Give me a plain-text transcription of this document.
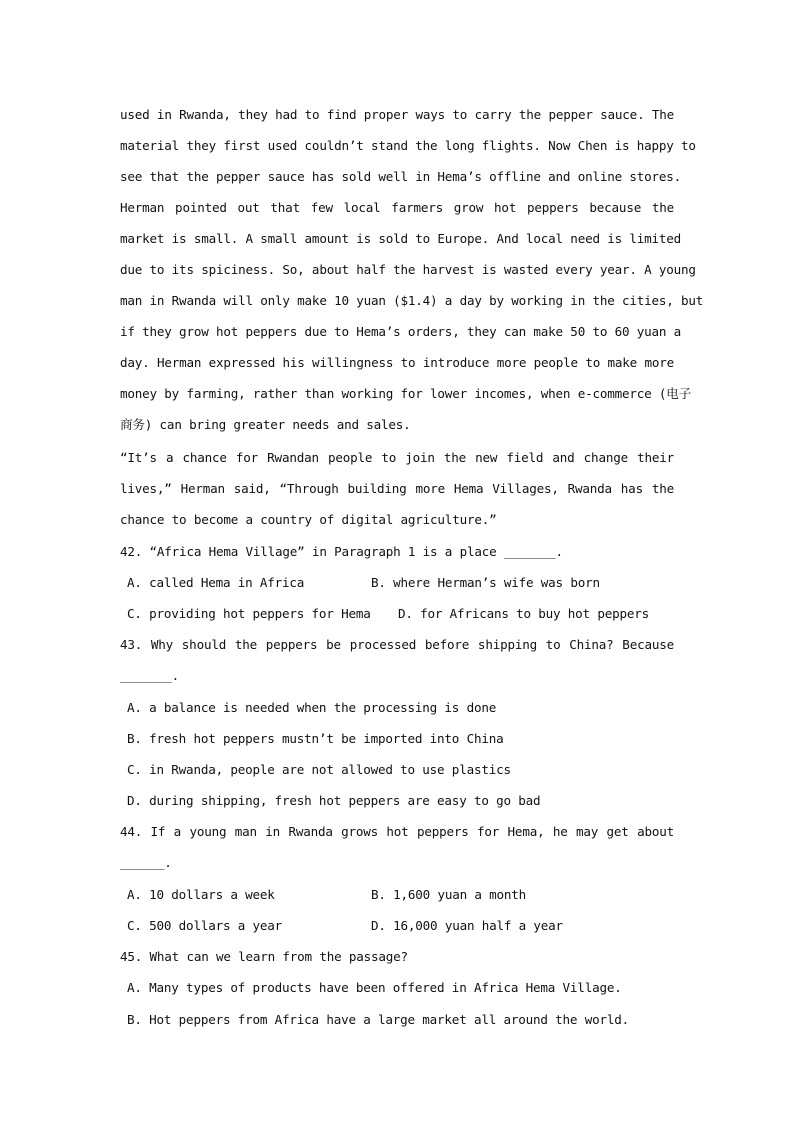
used in Rwanda, they had to find proper ways to carry the pepper sauce. The
material they first used couldn’t stand the long flights. Now Chen is happy to
see that the pepper sauce has sold well in Hema’s offline and online stores.
Herman pointed out that few local farmers grow hot peppers because the
market is small. A small amount is sold to Europe. And local need is limited
due to its spiciness. So, about half the harvest is wasted every year. A young
man in Rwanda will only make 10 yuan ($1.4) a day by working in the cities, but
if they grow hot peppers due to Hema’s orders, they can make 50 to 60 yuan a
day. Herman expressed his willingness to introduce more people to make more
money by farming, rather than working for lower incomes, when e-commerce (电子
商务) can bring greater needs and sales.
“It’s a chance for Rwandan people to join the new field and change their
lives,” Herman said, “Through building more Hema Villages, Rwanda has the
chance to become a country of digital agriculture.”
42. “Africa Hema Village” in Paragraph 1 is a place _______.
A. called Hema in Africa	B. where Herman’s wife was born
C. providing hot peppers for Hema D. for Africans to buy hot peppers
43. Why should the peppers be processed before shipping to China? Because
_______.
A. a balance is needed when the processing is done
B. fresh hot peppers mustn’t be imported into China
C. in Rwanda, people are not allowed to use plastics
D. during shipping, fresh hot peppers are easy to go bad
44. If a young man in Rwanda grows hot peppers for Hema, he may get about
______.
A. 10 dollars a week	B. 1,600 yuan a month
C. 500 dollars a year	D. 16,000 yuan half a year
45. What can we learn from the passage?
A. Many types of products have been offered in Africa Hema Village.
B. Hot peppers from Africa have a large market all around the world.
